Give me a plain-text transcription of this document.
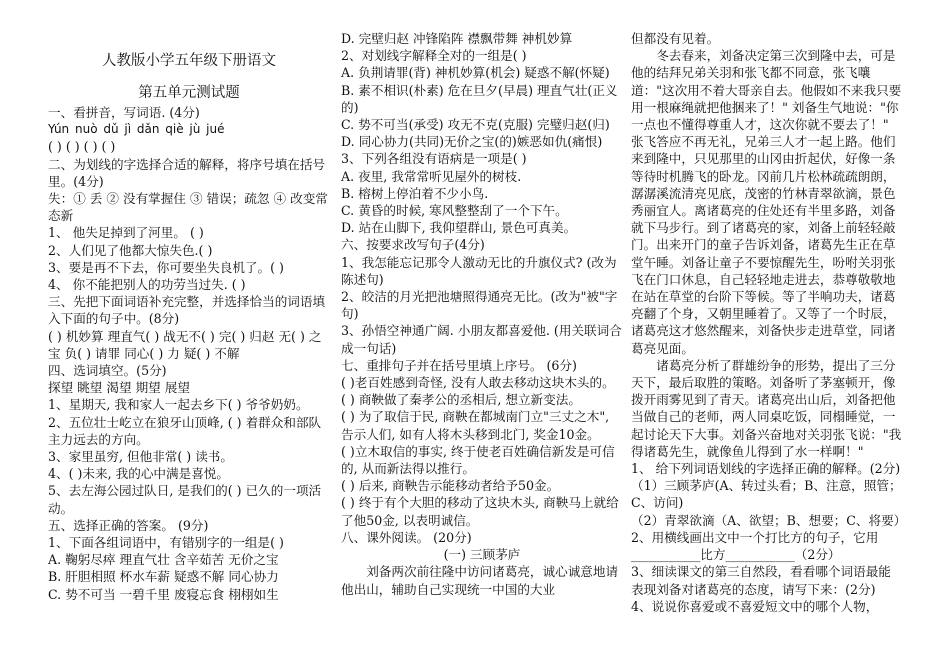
人教版小学五年级下册语文

第五单元测试题

一、看拼音，写词语. (4分)

Yún nuò dǔ jì dǎn qiè jù jué

( ) ( ) ( ) ( )

二、为划线的字选择合适的解释，将序号填在括号里。(4分)

失：① 丢 ② 没有掌握住 ③ 错误；疏忽 ④ 改变常态新

1、 他失足掉到了河里。 ( )

2、人们见了他都大惊失色.( )

3、要是再不下去，你可要坐失良机了。( )

4、 你不能把别人的功劳当过失. ( )

三、先把下面词语补充完整，并选择恰当的词语填入下面的句子中。(8分)

( ) 机妙算 理直气( ) 战无不( ) 完( ) 归赵 无( ) 之宝 负( ) 请罪 同心( ) 力 疑( ) 不解

四、选词填空。(5分)

探望 眺望 渴望 期望 展望

1、星期天, 我和家人一起去乡下( ) 爷爷奶奶。

2、五位壮士屹立在狼牙山顶峰, ( ) 着群众和部队主力远去的方向。

3、家里虽穷, 但他非常( ) 读书。

4、( )未来, 我的心中满是喜悦。

5、去左海公园过队日, 是我们的( ) 已久的一项活动。

五、选择正确的答案。 (9分)

1、下面各组词语中，有错别字的一组是( )

A. 鞠躬尽瘁 理直气壮 含辛茹苦 无价之宝

B. 肝胆相照 杯水车薪 疑惑不解 同心协力

C. 势不可当 一碧千里 废寝忘食 栩栩如生

D. 完壁归赵 冲锋陷阵 襟飘带舞 神机妙算

2、对划线字解释全对的一组是( )

A. 负荆请罪(背) 神机妙算(机会) 疑惑不解(怀疑)

B. 素不相识(朴素) 危在旦夕(早晨) 理直气壮(正义的)

C. 势不可当(承受) 攻无不克(克服) 完璧归赵(归)

D. 同心协力(共同)无价之宝(的)嫉恶如仇(痛恨)

3、下列各组没有语病是一项是( )

A. 夜里, 我常常听见屋外的树枝.

B. 榕树上停泊着不少小鸟.

C. 黄昏的时候, 寒风整整刮了一个下午。

D. 站在山脚下, 我仰望群山, 景色可真美。

六、按要求改写句子(4分)

1、我怎能忘记那令人激动无比的升旗仪式? (改为陈述句)

2、皎洁的月光把池塘照得通亮无比。(改为"被"字句)

3、孙悟空神通广阔. 小朋友都喜爱他. (用关联词合成一句话)

七、重排句子并在括号里填上序号。 (6分)

( )老百姓感到奇怪, 没有人敢去移动这块木头的。

( ) 商鞅做了秦孝公的丞相后, 想立新变法。

( ) 为了取信于民, 商鞅在都城南门立"三丈之木", 告示人们, 如有人将木头移到北门, 奖金10金。

( )立木取信的事实, 终于使老百姓确信新发是可信的, 从而新法得以推行。

( ) 后来, 商鞅告示能移动者给予50金。

( ) 终于有个大胆的移动了这块木头, 商鞅马上就给了他50金, 以表明诚信。

八、课外阅读。 (20分)

(一) 三顾茅庐

刘备两次前往隆中访问诸葛亮，诚心诚意地请他出山，辅助自己实现统一中国的大业

但都没有见着。

冬去春来，刘备决定第三次到隆中去，可是他的结拜兄弟关羽和张飞都不同意，张飞嚷道："这次用不着大哥亲自去。他假如不来我只要用一根麻绳就把他捆来了！" 刘备生气地说："你一点也不懂得尊重人才，这次你就不要去了！" 张飞答应不再无礼，兄弟三人才一起上路。他们来到隆中，只见那里的山冈由折起伏，好像一条等待时机腾飞的卧龙。冈前几片松林疏疏朗朗，潺潺溪流清亮见底，茂密的竹林青翠欲滴，景色秀丽宜人。离诸葛亮的住处还有半里多路，刘备就下马步行。到了诸葛亮的家，刘备上前轻轻敲门。出来开门的童子告诉刘备，诸葛先生正在草堂午睡。刘备让童子不要惊醒先生，吩咐关羽张飞在门口休息，自己轻轻地走进去，恭尊敬敬地在站在草堂的台阶下等候。等了半响功夫，诸葛亮翻了个身，又朝里睡着了。又等了一个时辰，诸葛亮这才悠然醒来，刘备快步走进草堂，同诸葛亮见面。

诸葛亮分析了群雄纷争的形势，提出了三分天下，最后取胜的策略。刘备听了茅塞顿开，像拨开雨雾见到了青天。诸葛亮出山后，刘备把他当做自己的老师，两人同桌吃饭，同榻睡觉，一起讨论天下大事。刘备兴奋地对关羽张飞说："我得诸葛先生，就像鱼儿得到了水一样啊！"

1、 给下列词语划线的字选择正确的解释。(2分)

（1）三顾茅庐(A、转过头看；B、注意，照管；C、访问)

（2）青翠欲滴（A、欲望；B、想要；C、将要）

2、用横线画出文中一个打比方的句子，它用___________比方___________（2分）

3、细读课文的第三自然段，看看哪个词语最能表现刘备对诸葛亮的态度，请写下来：(2分)

4、说说你喜爱或不喜爱短文中的哪个人物，
